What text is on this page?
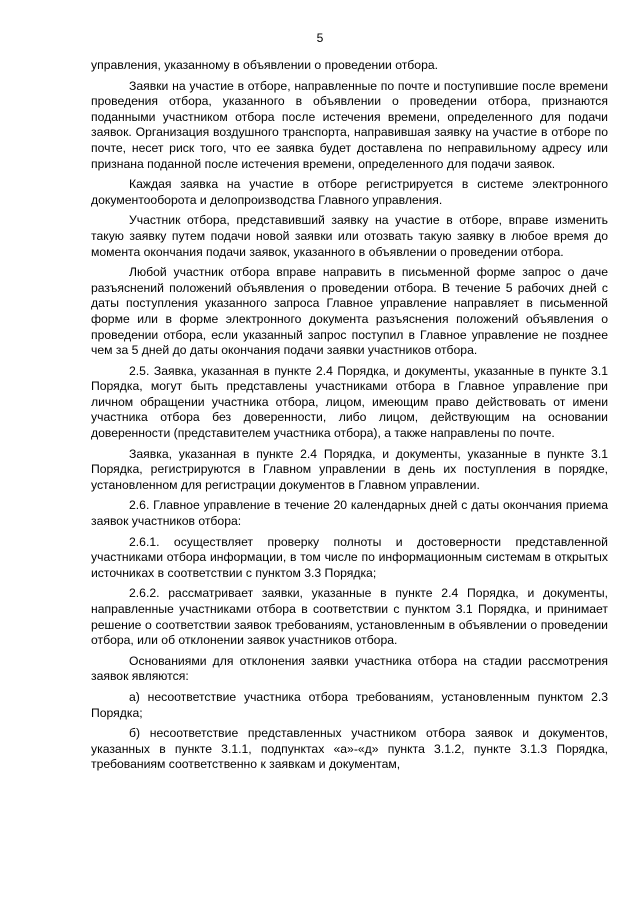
5

управления, указанному в объявлении о проведении отбора.

Заявки на участие в отборе, направленные по почте и поступившие после времени проведения отбора, указанного в объявлении о проведении отбора, признаются поданными участником отбора после истечения времени, определенного для подачи заявок. Организация воздушного транспорта, направившая заявку на участие в отборе по почте, несет риск того, что ее заявка будет доставлена по неправильному адресу или признана поданной после истечения времени, определенного для подачи заявок.

Каждая заявка на участие в отборе регистрируется в системе электронного документооборота и делопроизводства Главного управления.

Участник отбора, представивший заявку на участие в отборе, вправе изменить такую заявку путем подачи новой заявки или отозвать такую заявку в любое время до момента окончания подачи заявок, указанного в объявлении о проведении отбора.

Любой участник отбора вправе направить в письменной форме запрос о даче разъяснений положений объявления о проведении отбора. В течение 5 рабочих дней с даты поступления указанного запроса Главное управление направляет в письменной форме или в форме электронного документа разъяснения положений объявления о проведении отбора, если указанный запрос поступил в Главное управление не позднее чем за 5 дней до даты окончания подачи заявки участников отбора.

2.5. Заявка, указанная в пункте 2.4 Порядка, и документы, указанные в пункте 3.1 Порядка, могут быть представлены участниками отбора в Главное управление при личном обращении участника отбора, лицом, имеющим право действовать от имени участника отбора без доверенности, либо лицом, действующим на основании доверенности (представителем участника отбора), а также направлены по почте.

Заявка, указанная в пункте 2.4 Порядка, и документы, указанные в пункте 3.1 Порядка, регистрируются в Главном управлении в день их поступления в порядке, установленном для регистрации документов в Главном управлении.

2.6. Главное управление в течение 20 календарных дней с даты окончания приема заявок участников отбора:

2.6.1. осуществляет проверку полноты и достоверности представленной участниками отбора информации, в том числе по информационным системам в открытых источниках в соответствии с пунктом 3.3 Порядка;

2.6.2. рассматривает заявки, указанные в пункте 2.4 Порядка, и документы, направленные участниками отбора в соответствии с пунктом 3.1 Порядка, и принимает решение о соответствии заявок требованиям, установленным в объявлении о проведении отбора, или об отклонении заявок участников отбора.

Основаниями для отклонения заявки участника отбора на стадии рассмотрения заявок являются:

а) несоответствие участника отбора требованиям, установленным пунктом 2.3 Порядка;

б) несоответствие представленных участником отбора заявок и документов, указанных в пункте 3.1.1, подпунктах «а»-«д» пункта 3.1.2, пункте 3.1.3 Порядка, требованиям соответственно к заявкам и документам,
